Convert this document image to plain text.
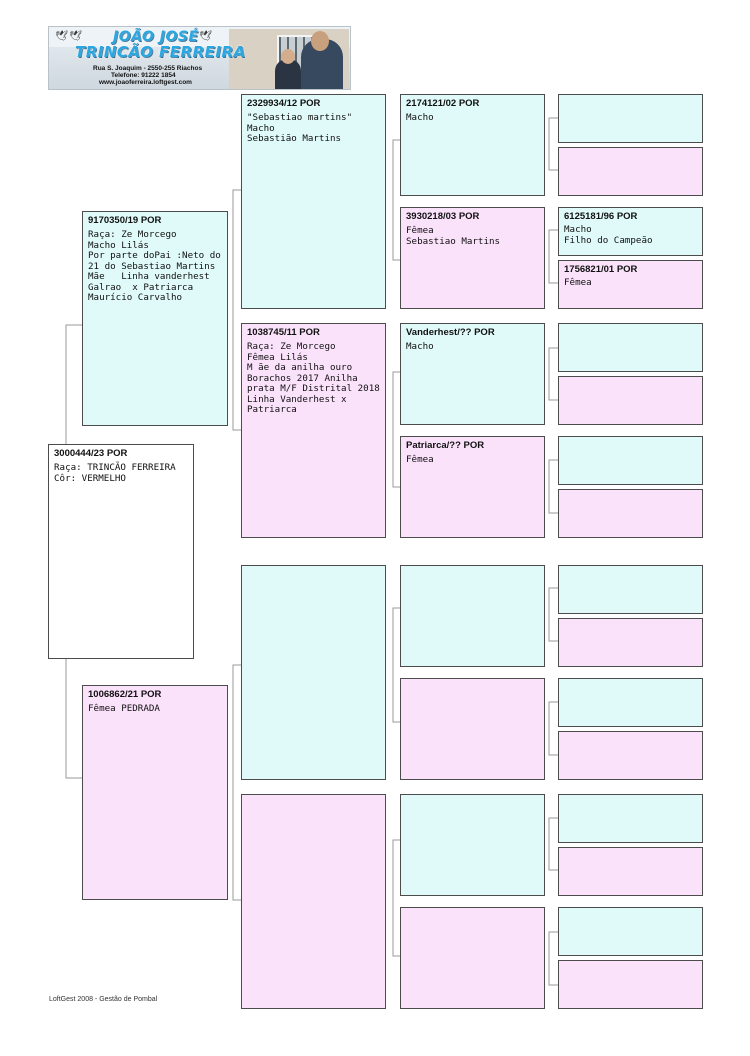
🕊 🕊	🕊
JOÃO JOSÉ
TRINCÃO FERREIRA
Rua S. Joaquim - 2550-255 Riachos
Telefone: 91222 1854
www.joaoferreira.loftgest.com
3000444/23 POR
Raça: TRINCÃO FERREIRA
Côr: VERMELHO
9170350/19 POR
Raça: Ze Morcego
Macho Lilás
Por parte doPai :Neto do 21 do Sebastiao Martins Mãe   Linha vanderhest Galrao  x Patriarca Maurício Carvalho
1006862/21 POR
Fêmea PEDRADA
2329934/12 POR
"Sebastiao martins"
Macho
Sebastião Martins
1038745/11 POR
Raça: Ze Morcego
Fêmea Lilás
M ãe da anilha ouro Borachos 2017 Anilha prata M/F Distrital 2018 Linha Vanderhest x Patriarca
2174121/02 POR
Macho
3930218/03 POR
Fêmea
Sebastiao Martins
Vanderhest/?? POR
Macho
Patriarca/?? POR
Fêmea
6125181/96 POR
Macho
Filho do Campeão
1756821/01 POR
Fêmea
LoftGest 2008 - Gestão de Pombal
